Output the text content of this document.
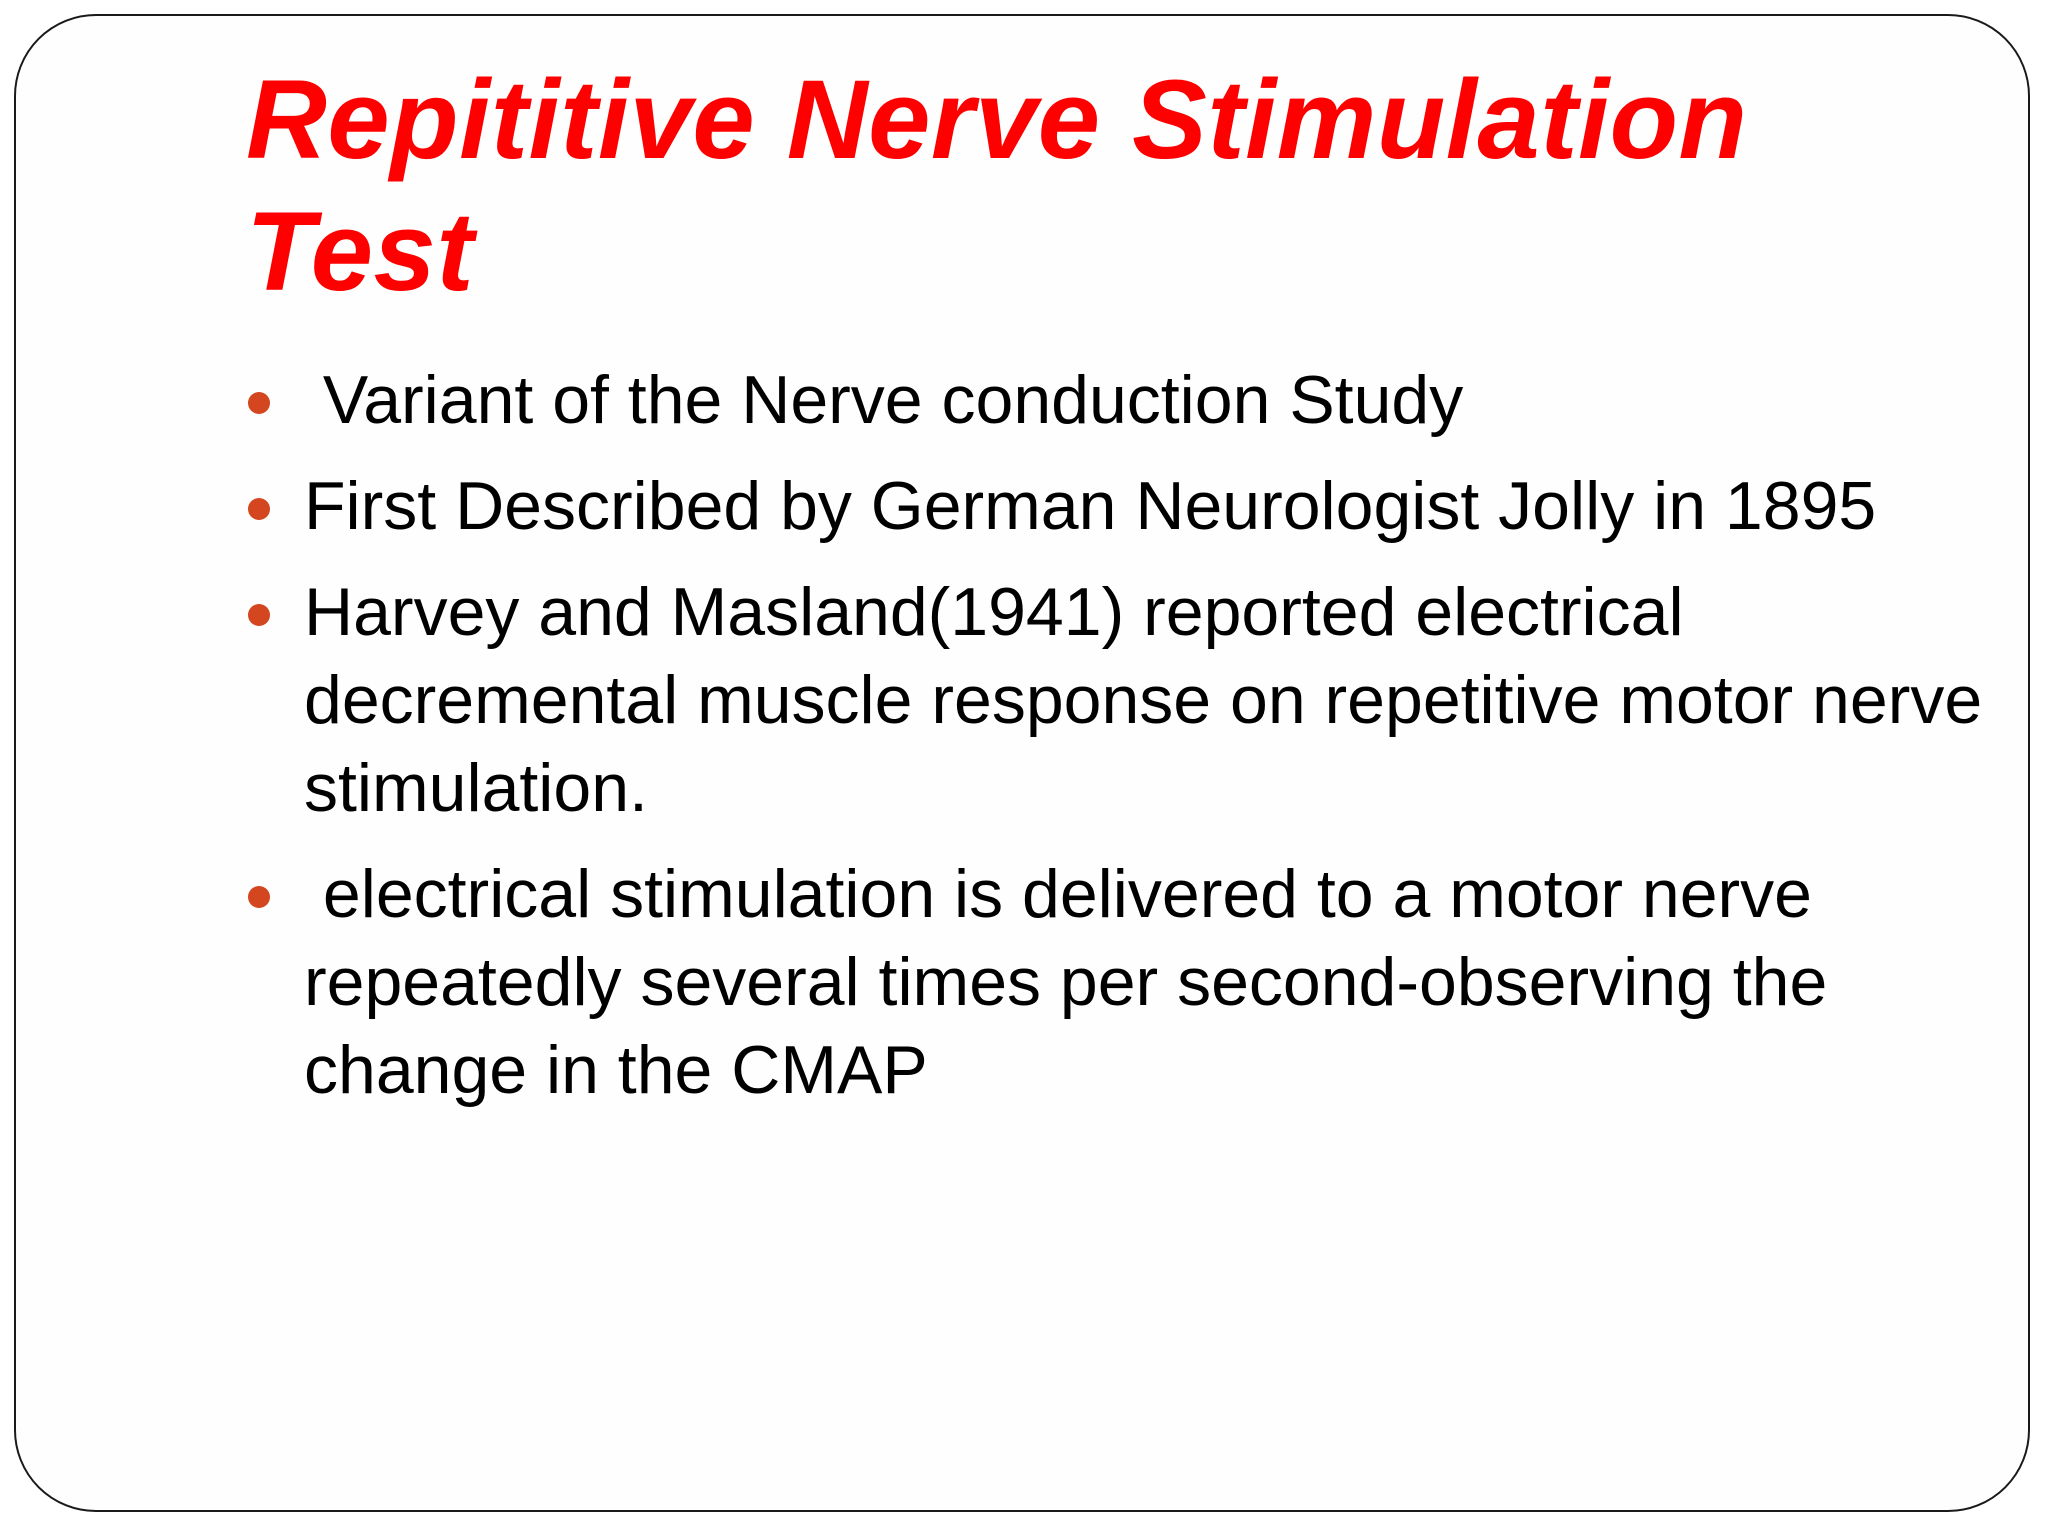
Repititive Nerve Stimulation Test
Variant of the Nerve conduction Study
First Described by German Neurologist Jolly in 1895
Harvey and Masland(1941) reported electrical decremental muscle response on repetitive motor nerve stimulation.
electrical stimulation is delivered to a motor nerve repeatedly several times per second-observing the change in the CMAP
